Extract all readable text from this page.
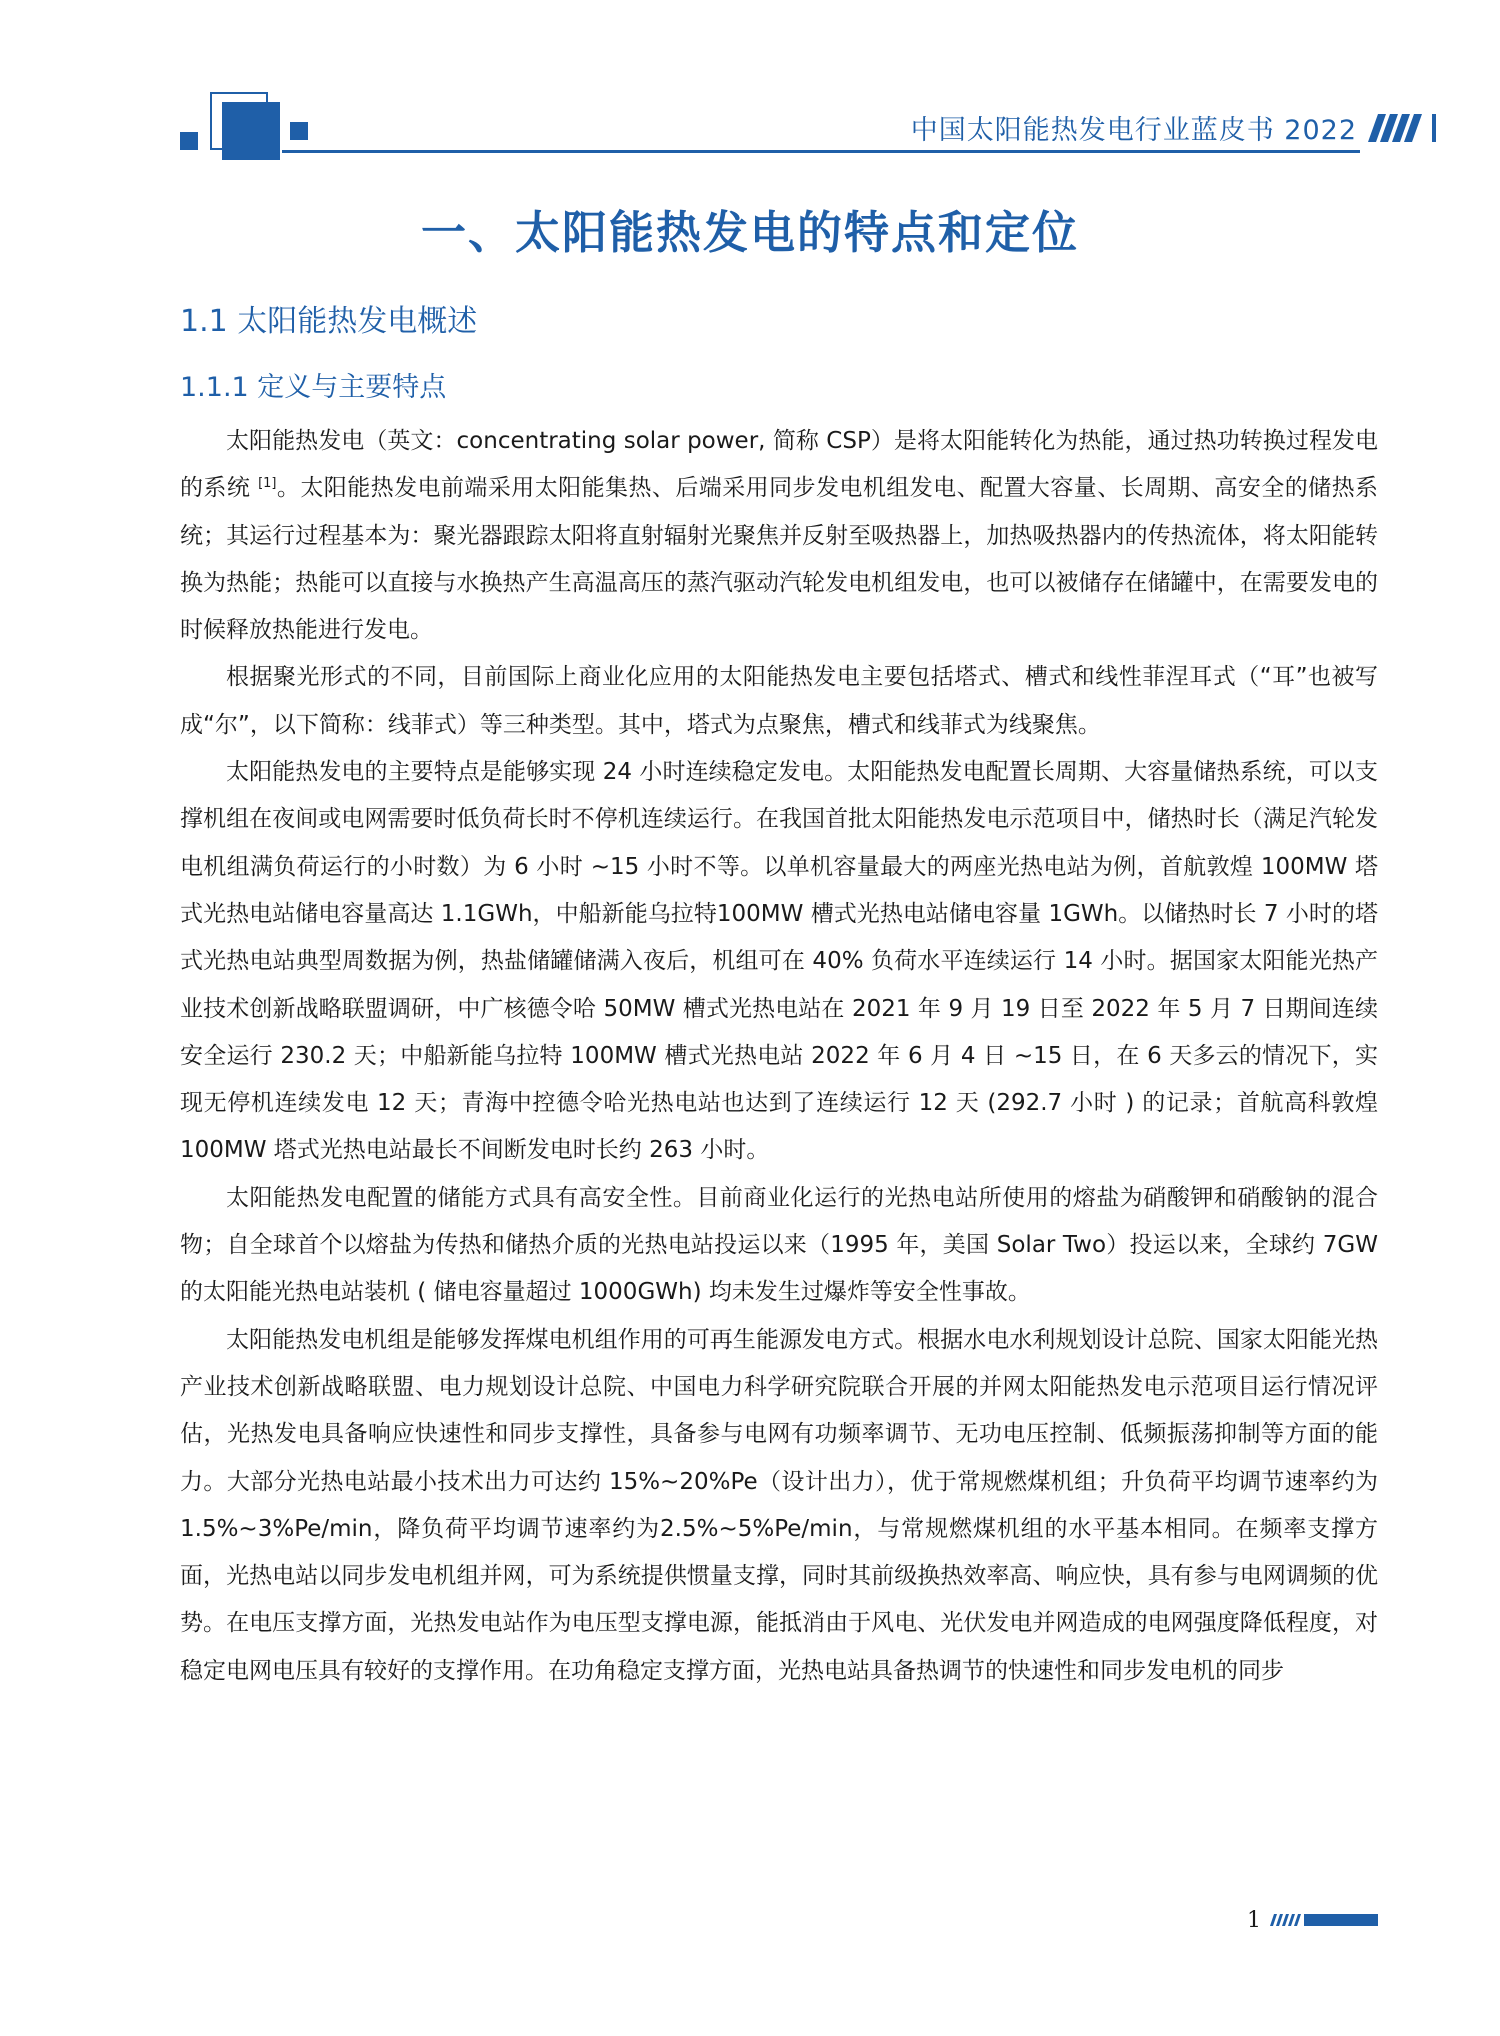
中国太阳能热发电行业蓝皮书 2022
一、太阳能热发电的特点和定位
1.1 太阳能热发电概述
1.1.1 定义与主要特点

太阳能热发电（英文：concentrating solar power, 简称 CSP）是将太阳能转化为热能，通过热功转换过程发电的系统 [1]。太阳能热发电前端采用太阳能集热、后端采用同步发电机组发电、配置大容量、长周期、高安全的储热系统；其运行过程基本为：聚光器跟踪太阳将直射辐射光聚焦并反射至吸热器上，加热吸热器内的传热流体，将太阳能转换为热能；热能可以直接与水换热产生高温高压的蒸汽驱动汽轮发电机组发电，也可以被储存在储罐中，在需要发电的时候释放热能进行发电。

根据聚光形式的不同，目前国际上商业化应用的太阳能热发电主要包括塔式、槽式和线性菲涅耳式（“耳”也被写成“尔”，以下简称：线菲式）等三种类型。其中，塔式为点聚焦，槽式和线菲式为线聚焦。

太阳能热发电的主要特点是能够实现 24 小时连续稳定发电。太阳能热发电配置长周期、大容量储热系统，可以支撑机组在夜间或电网需要时低负荷长时不停机连续运行。在我国首批太阳能热发电示范项目中，储热时长（满足汽轮发电机组满负荷运行的小时数）为 6 小时 ~15 小时不等。以单机容量最大的两座光热电站为例，首航敦煌 100MW 塔式光热电站储电容量高达 1.1GWh，中船新能乌拉特100MW 槽式光热电站储电容量 1GWh。以储热时长 7 小时的塔式光热电站典型周数据为例，热盐储罐储满入夜后，机组可在 40% 负荷水平连续运行 14 小时。据国家太阳能光热产业技术创新战略联盟调研，中广核德令哈 50MW 槽式光热电站在 2021 年 9 月 19 日至 2022 年 5 月 7 日期间连续安全运行 230.2 天；中船新能乌拉特 100MW 槽式光热电站 2022 年 6 月 4 日 ~15 日，在 6 天多云的情况下，实现无停机连续发电 12 天；青海中控德令哈光热电站也达到了连续运行 12 天 (292.7 小时 ) 的记录；首航高科敦煌100MW 塔式光热电站最长不间断发电时长约 263 小时。

太阳能热发电配置的储能方式具有高安全性。目前商业化运行的光热电站所使用的熔盐为硝酸钾和硝酸钠的混合物；自全球首个以熔盐为传热和储热介质的光热电站投运以来（1995 年，美国 Solar Two）投运以来，全球约 7GW 的太阳能光热电站装机 ( 储电容量超过 1000GWh) 均未发生过爆炸等安全性事故。

太阳能热发电机组是能够发挥煤电机组作用的可再生能源发电方式。根据水电水利规划设计总院、国家太阳能光热产业技术创新战略联盟、电力规划设计总院、中国电力科学研究院联合开展的并网太阳能热发电示范项目运行情况评估，光热发电具备响应快速性和同步支撑性，具备参与电网有功频率调节、无功电压控制、低频振荡抑制等方面的能力。大部分光热电站最小技术出力可达约 15%~20%Pe（设计出力），优于常规燃煤机组；升负荷平均调节速率约为 1.5%~3%Pe/min，降负荷平均调节速率约为2.5%~5%Pe/min，与常规燃煤机组的水平基本相同。在频率支撑方面，光热电站以同步发电机组并网，可为系统提供惯量支撑，同时其前级换热效率高、响应快，具有参与电网调频的优势。在电压支撑方面，光热发电站作为电压型支撑电源，能抵消由于风电、光伏发电并网造成的电网强度降低程度，对稳定电网电压具有较好的支撑作用。在功角稳定支撑方面，光热电站具备热调节的快速性和同步发电机的同步

1
